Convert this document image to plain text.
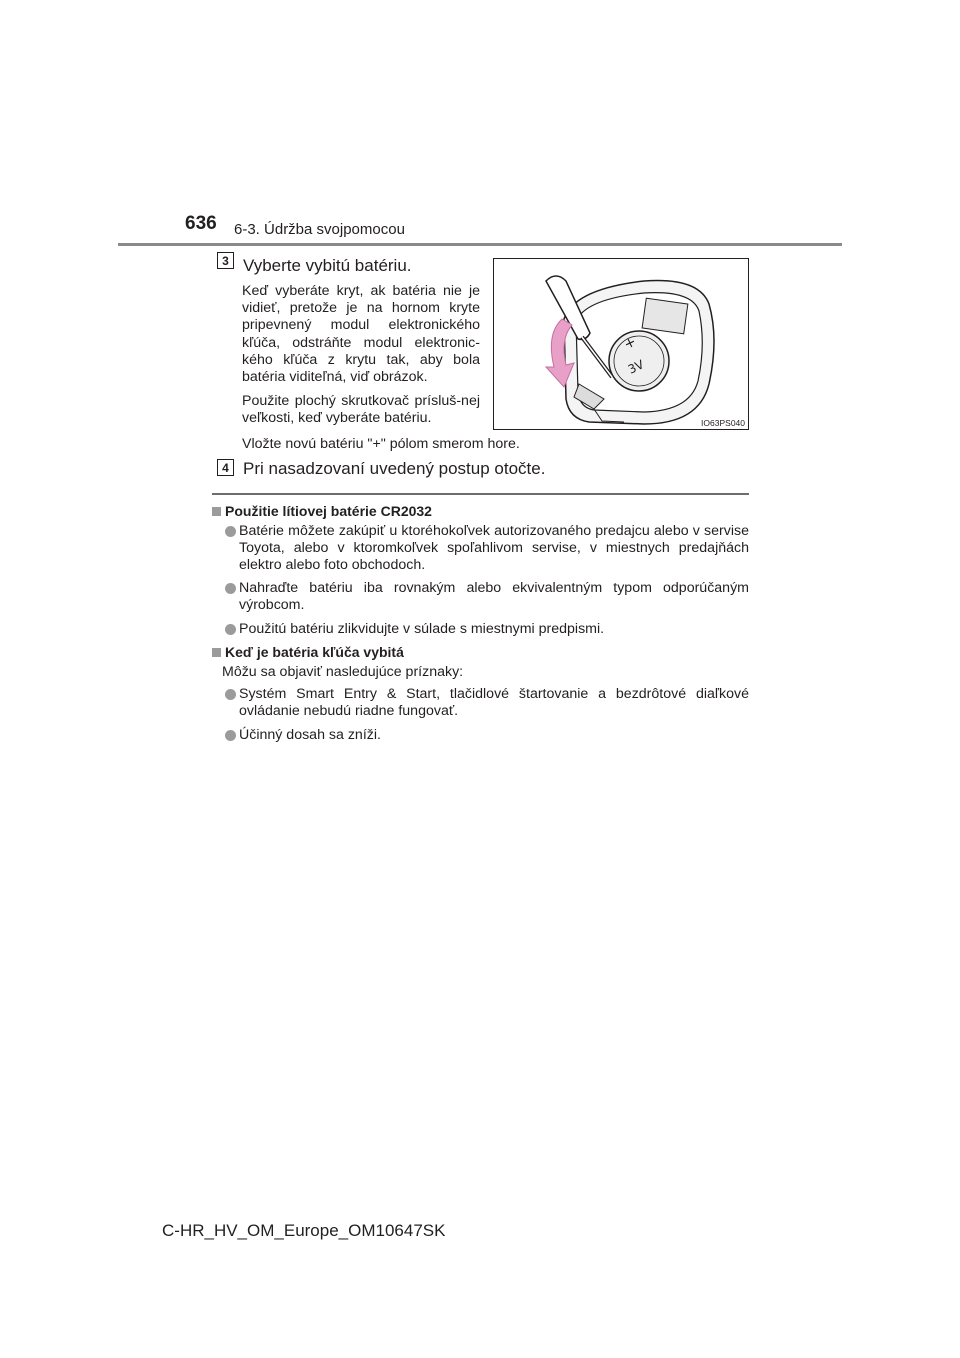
636 6-3. Údržba svojpomocou
3 Vyberte vybitú batériu.

Keď vyberáte kryt, ak batéria nie je vidieť, pretože je na hornom kryte pripevnený modul elektronického kľúča, odstráňte modul elektronic-kého kľúča z krytu tak, aby bola batéria viditeľná, viď obrázok.

Použite plochý skrutkovač prísluš-nej veľkosti, keď vyberáte batériu.

Vložte novú batériu "+" pólom smerom hore.

+
3V
IO63PS040
4 Pri nasadzovaní uvedený postup otočte.
Použitie lítiovej batérie CR2032
Batérie môžete zakúpiť u ktoréhokoľvek autorizovaného predajcu alebo v servise Toyota, alebo v ktoromkoľvek spoľahlivom servise, v miestnych predajňách elektro alebo foto obchodoch.
Nahraďte batériu iba rovnakým alebo ekvivalentným typom odporúčaným výrobcom.
Použitú batériu zlikvidujte v súlade s miestnymi predpismi.
Keď je batéria kľúča vybitá
Môžu sa objaviť nasledujúce príznaky:
Systém Smart Entry & Start, tlačidlové štartovanie a bezdrôtové diaľkové ovládanie nebudú riadne fungovať.
Účinný dosah sa zníži.
C-HR_HV_OM_Europe_OM10647SK
